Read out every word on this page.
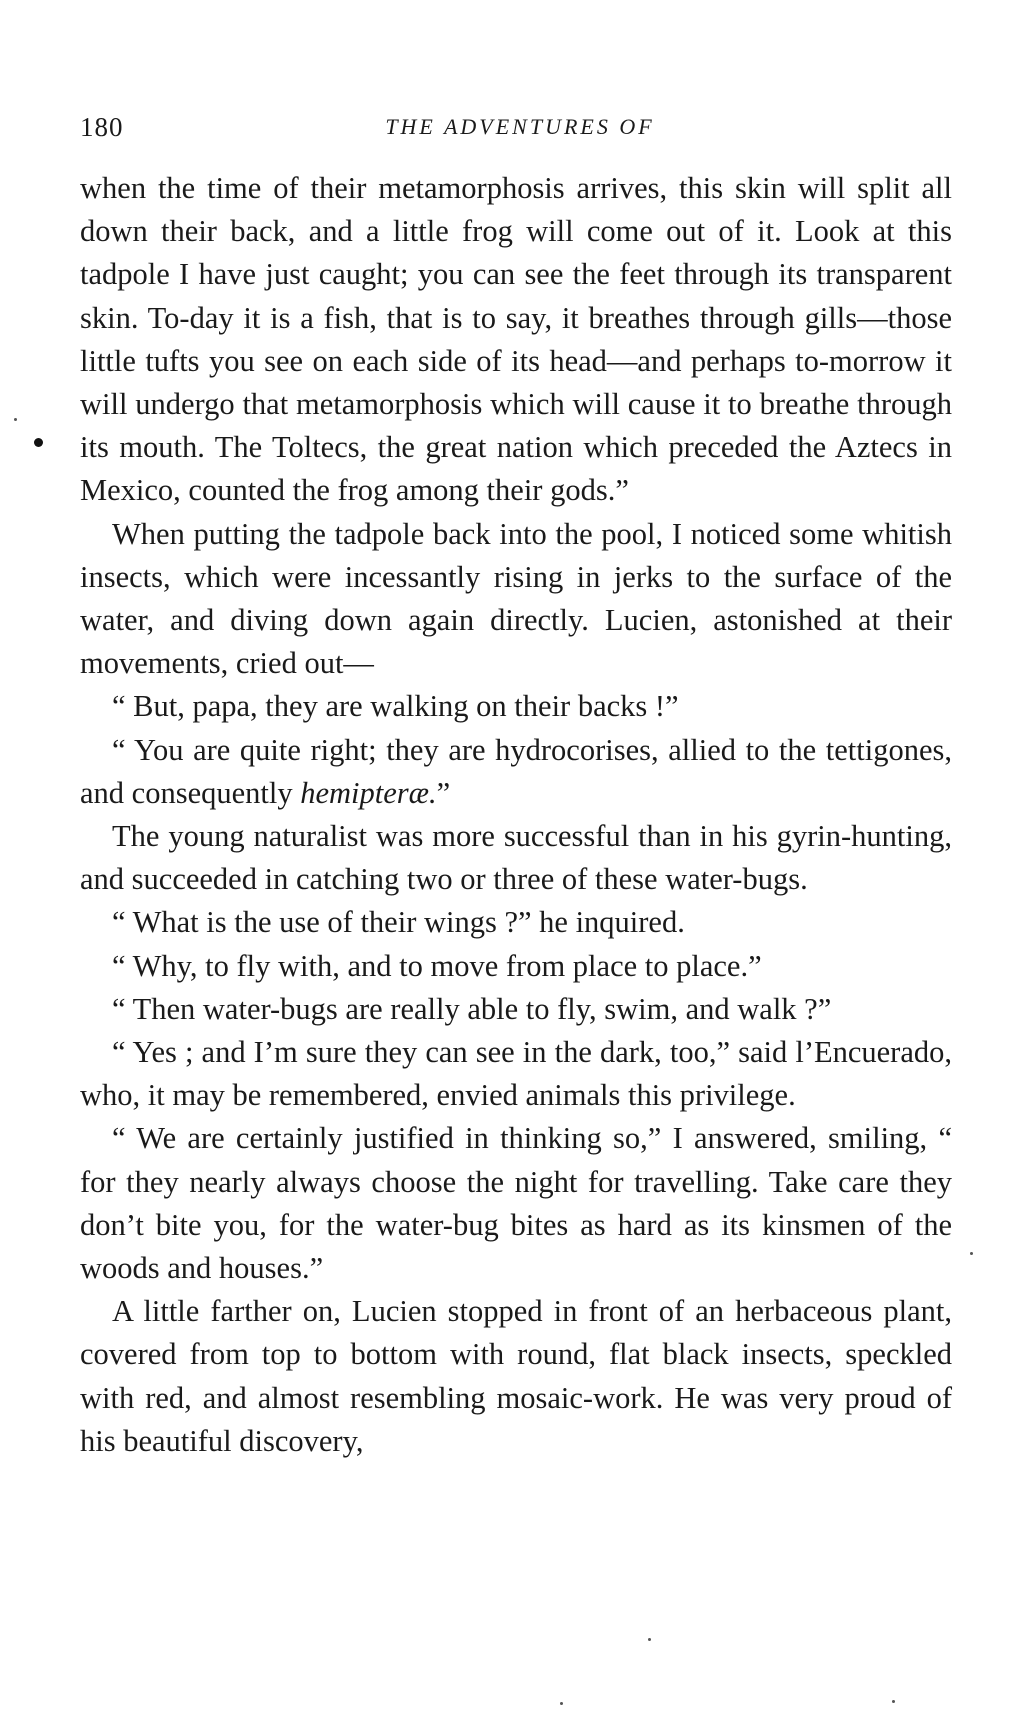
180	THE ADVENTURES OF

when the time of their metamorphosis arrives, this skin will split all down their back, and a little frog will come out of it. Look at this tadpole I have just caught; you can see the feet through its transparent skin. To-day it is a fish, that is to say, it breathes through gills—those little tufts you see on each side of its head—and perhaps to-morrow it will undergo that metamorphosis which will cause it to breathe through its mouth. The Toltecs, the great nation which preceded the Aztecs in Mexico, counted the frog among their gods.”

When putting the tadpole back into the pool, I noticed some whitish insects, which were incessantly rising in jerks to the surface of the water, and diving down again directly. Lucien, astonished at their movements, cried out—

“ But, papa, they are walking on their backs !”

“ You are quite right; they are hydrocorises, allied to the tettigones, and consequently hemipteræ.”

The young naturalist was more successful than in his gyrin-hunting, and succeeded in catching two or three of these water-bugs.

“ What is the use of their wings ?” he inquired.

“ Why, to fly with, and to move from place to place.”

“ Then water-bugs are really able to fly, swim, and walk ?”

“ Yes ; and I’m sure they can see in the dark, too,” said l’Encuerado, who, it may be remembered, envied animals this privilege.

“ We are certainly justified in thinking so,” I answered, smiling, “ for they nearly always choose the night for travelling. Take care they don’t bite you, for the water-bug bites as hard as its kinsmen of the woods and houses.”

A little farther on, Lucien stopped in front of an herbaceous plant, covered from top to bottom with round, flat black insects, speckled with red, and almost resembling mosaic-work. He was very proud of his beautiful discovery,
